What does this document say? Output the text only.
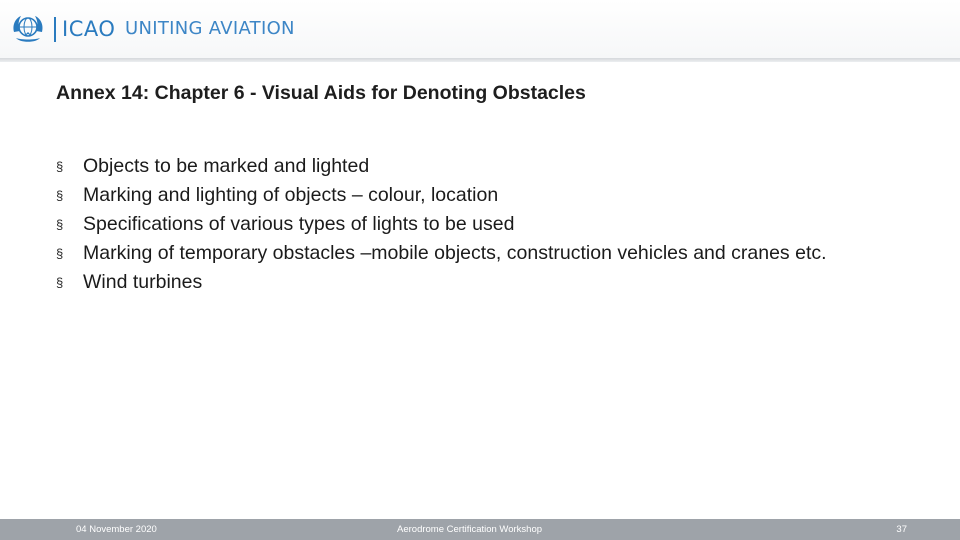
ICAO UNITING AVIATION
Annex 14: Chapter 6 - Visual Aids for Denoting Obstacles
§ Objects to be marked and lighted
§ Marking and lighting of objects – colour, location
§ Specifications of various types of lights to be used
§ Marking of temporary obstacles –mobile objects, construction vehicles and cranes etc.
§ Wind turbines
04 November 2020	Aerodrome Certification Workshop	37
